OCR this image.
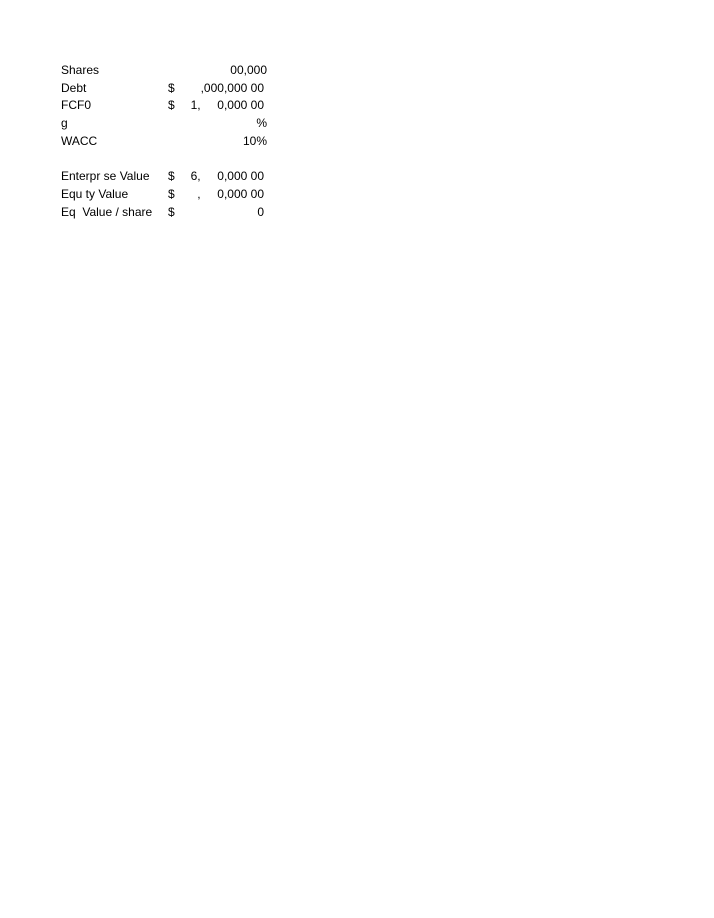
Shares	00,000
Debt	$ ,000,000 00
FCF0	$ 1,     0,000 00
g	%
WACC	10%
Enterpr se Value $ 6,     0,000 00
Equ ty Value	$ ,     0,000 00
Eq  Value / share $	0
